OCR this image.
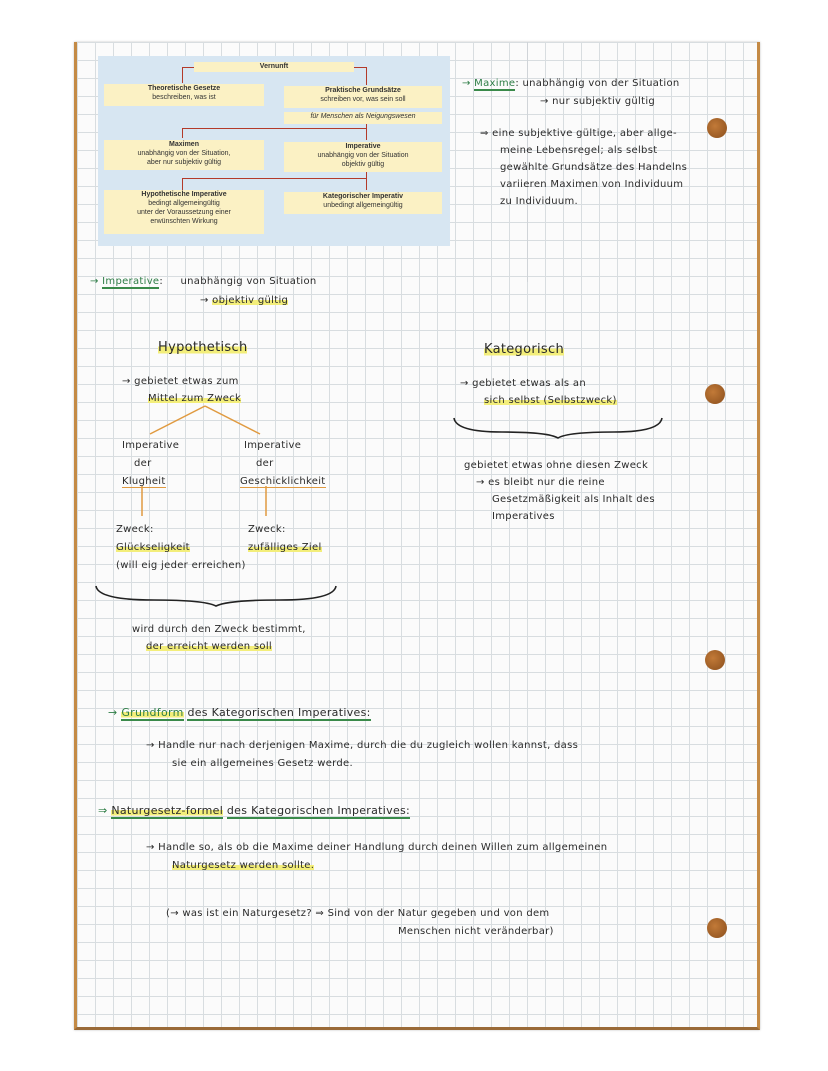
Vernunft
Theoretische Gesetze
beschreiben, was ist
Praktische Grundsätze
schreiben vor, was sein soll
für Menschen als Neigungswesen
Maximen
unabhängig von der Situation,
aber nur subjektiv gültig
Imperative
unabhängig von der Situation
objektiv gültig
Hypothetische Imperative
bedingt allgemeingültig
unter der Voraussetzung einer
erwünschten Wirkung
Kategorischer Imperativ
unbedingt allgemeingültig
→ Maxime: unabhängig von der Situation
→ nur subjektiv gültig
⇒ eine subjektive gültige, aber allge-
meine Lebensregel; als selbst
gewählte Grundsätze des Handelns
variieren Maximen von Individuum
zu Individuum.
→ Imperative: unabhängig von Situation
→ objektiv gültig
Hypothetisch
→ gebietet etwas zum
Mittel zum Zweck
Imperative
der
Klugheit
Imperative
der
Geschicklichkeit
Zweck:
Glückseligkeit
(will eig jeder erreichen)
Zweck:
zufälliges Ziel
wird durch den Zweck bestimmt,
der erreicht werden soll
Kategorisch
→ gebietet etwas als an
sich selbst (Selbstzweck)
gebietet etwas ohne diesen Zweck
→ es bleibt nur die reine
Gesetzmäßigkeit als Inhalt des
Imperatives
→ Grundform des Kategorischen Imperatives:
→ Handle nur nach derjenigen Maxime, durch die du zugleich wollen kannst, dass
sie ein allgemeines Gesetz werde.
⇒ Naturgesetz-formel des Kategorischen Imperatives:
→ Handle so, als ob die Maxime deiner Handlung durch deinen Willen zum allgemeinen
Naturgesetz werden sollte.
(→ was ist ein Naturgesetz? ⇒ Sind von der Natur gegeben und von dem
Menschen nicht veränderbar)
